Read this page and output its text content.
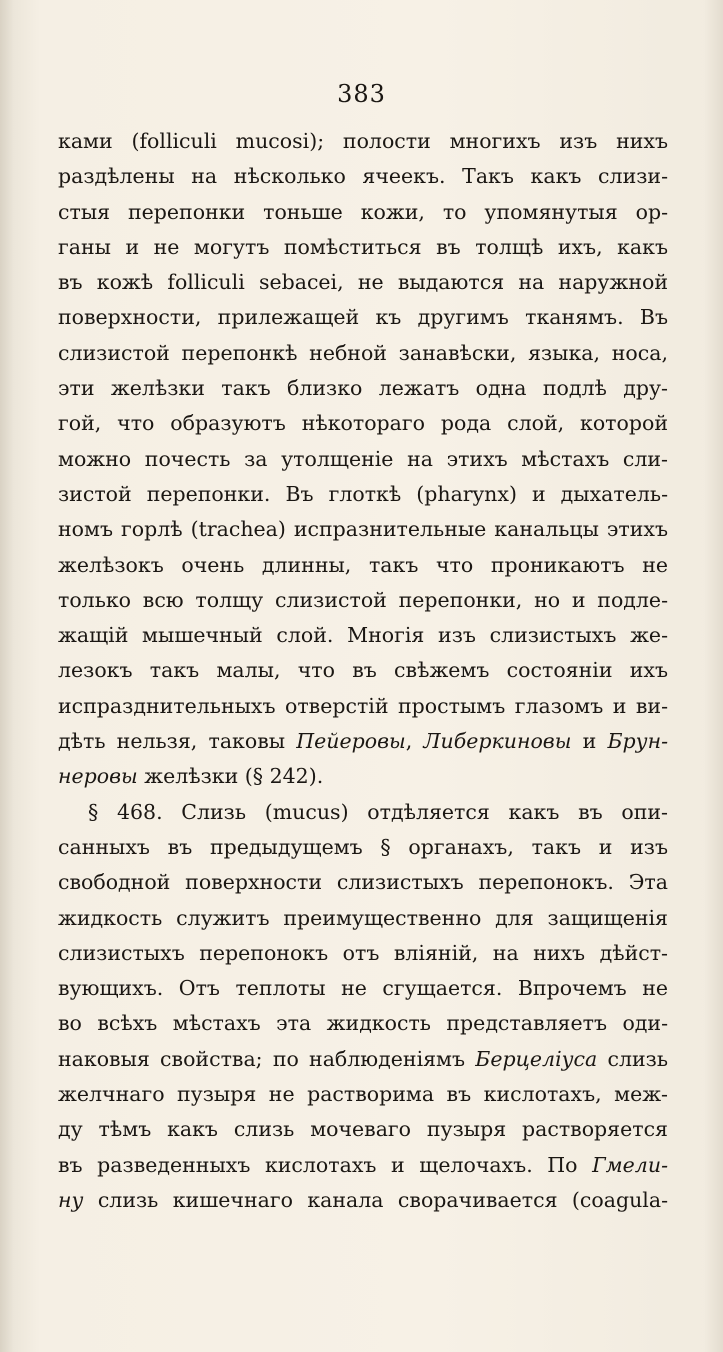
383
ками (folliculi mucosi); полости многихъ изъ нихъ
раздѣлены на нѣсколько ячеекъ. Такъ какъ слизи-
стыя перепонки тоньше кожи, то упомянутыя ор-
ганы и не могутъ помѣститься въ толщѣ ихъ, какъ
въ кожѣ folliculi sebacei, не выдаются на наружной
поверхности, прилежащей къ другимъ тканямъ. Въ
слизистой перепонкѣ небной занавѣски, языка, носа,
эти желѣзки такъ близко лежатъ одна подлѣ дру-
гой, что образуютъ нѣкотораго рода слой, которой
можно почесть за утолщеніе на этихъ мѣстахъ сли-
зистой перепонки. Въ глоткѣ (pharynx) и дыхатель-
номъ горлѣ (trachea) испразнительные канальцы этихъ
желѣзокъ очень длинны, такъ что проникаютъ не
только всю толщу слизистой перепонки, но и подле-
жащій мышечный слой. Многія изъ слизистыхъ же-
лезокъ такъ малы, что въ свѣжемъ состояніи ихъ
испразднительныхъ отверстій простымъ глазомъ и ви-
дѣть нельзя, таковы Пейеровы, Либеркиновы и Брун-
неровы желѣзки (§ 242).
§ 468. Слизь (mucus) отдѣляется какъ въ опи-
санныхъ въ предыдущемъ § органахъ, такъ и изъ
свободной поверхности слизистыхъ перепонокъ. Эта
жидкость служитъ преимущественно для защищенія
слизистыхъ перепонокъ отъ вліяній, на нихъ дѣйст-
вующихъ. Отъ теплоты не сгущается. Впрочемъ не
во всѣхъ мѣстахъ эта жидкость представляетъ оди-
наковыя свойства; по наблюденіямъ Берцеліуса слизь
желчнаго пузыря не растворима въ кислотахъ, меж-
ду тѣмъ какъ слизь мочеваго пузыря растворяется
въ разведенныхъ кислотахъ и щелочахъ. По Гмели-
ну слизь кишечнаго канала сворачивается (coagula-
